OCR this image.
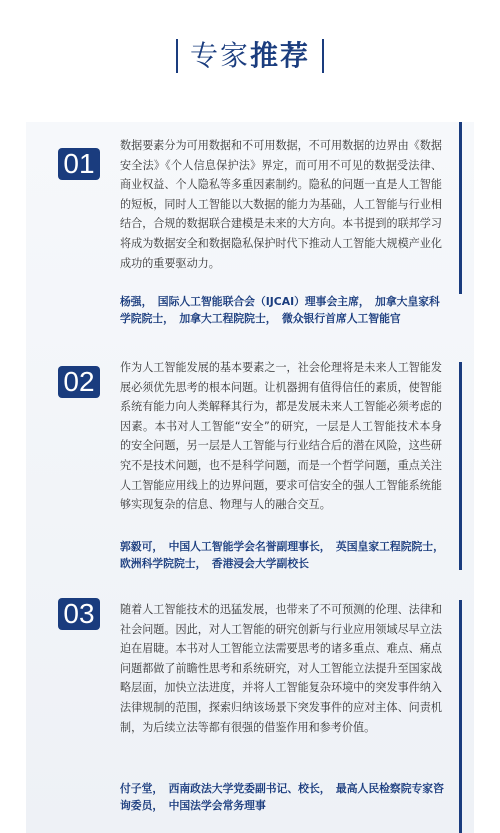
专家推荐
01
数据要素分为可用数据和不可用数据，不可用数据的边界由《数据安全法》《个人信息保护法》界定，而可用不可见的数据受法律、商业权益、个人隐私等多重因素制约。隐私的问题一直是人工智能的短板，同时人工智能以大数据的能力为基础，人工智能与行业相结合，合规的数据联合建模是未来的大方向。本书提到的联邦学习将成为数据安全和数据隐私保护时代下推动人工智能大规模产业化成功的重要驱动力。
杨强，　国际人工智能联合会（IJCAI）理事会主席，　加拿大皇家科学院院士，　加拿大工程院院士，　微众银行首席人工智能官
02	作为人工智能发展的基本要素之一，社会伦理将是未来人工智能发展必须优先思考的根本问题。让机器拥有值得信任的素质，使智能系统有能力向人类解释其行为，都是发展未来人工智能必须考虑的因素。本书对人工智能“安全”的研究，一层是人工智能技术本身的安全问题，另一层是人工智能与行业结合后的潜在风险，这些研究不是技术问题，也不是科学问题，而是一个哲学问题，重点关注人工智能应用线上的边界问题，要求可信安全的强人工智能系统能够实现复杂的信息、物理与人的融合交互。
郭毅可，　中国人工智能学会名誉副理事长，　英国皇家工程院院士，　欧洲科学院院士，　香港浸会大学副校长
03	随着人工智能技术的迅猛发展，也带来了不可预测的伦理、法律和社会问题。因此，对人工智能的研究创新与行业应用领域尽早立法迫在眉睫。本书对人工智能立法需要思考的诸多重点、难点、痛点问题都做了前瞻性思考和系统研究，对人工智能立法提升至国家战略层面，加快立法进度，并将人工智能复杂环境中的突发事件纳入法律规制的范围，探索归纳该场景下突发事件的应对主体、问责机制，为后续立法等都有很强的借鉴作用和参考价值。
付子堂，　西南政法大学党委副书记、校长，　最高人民检察院专家咨询委员，　中国法学会常务理事
